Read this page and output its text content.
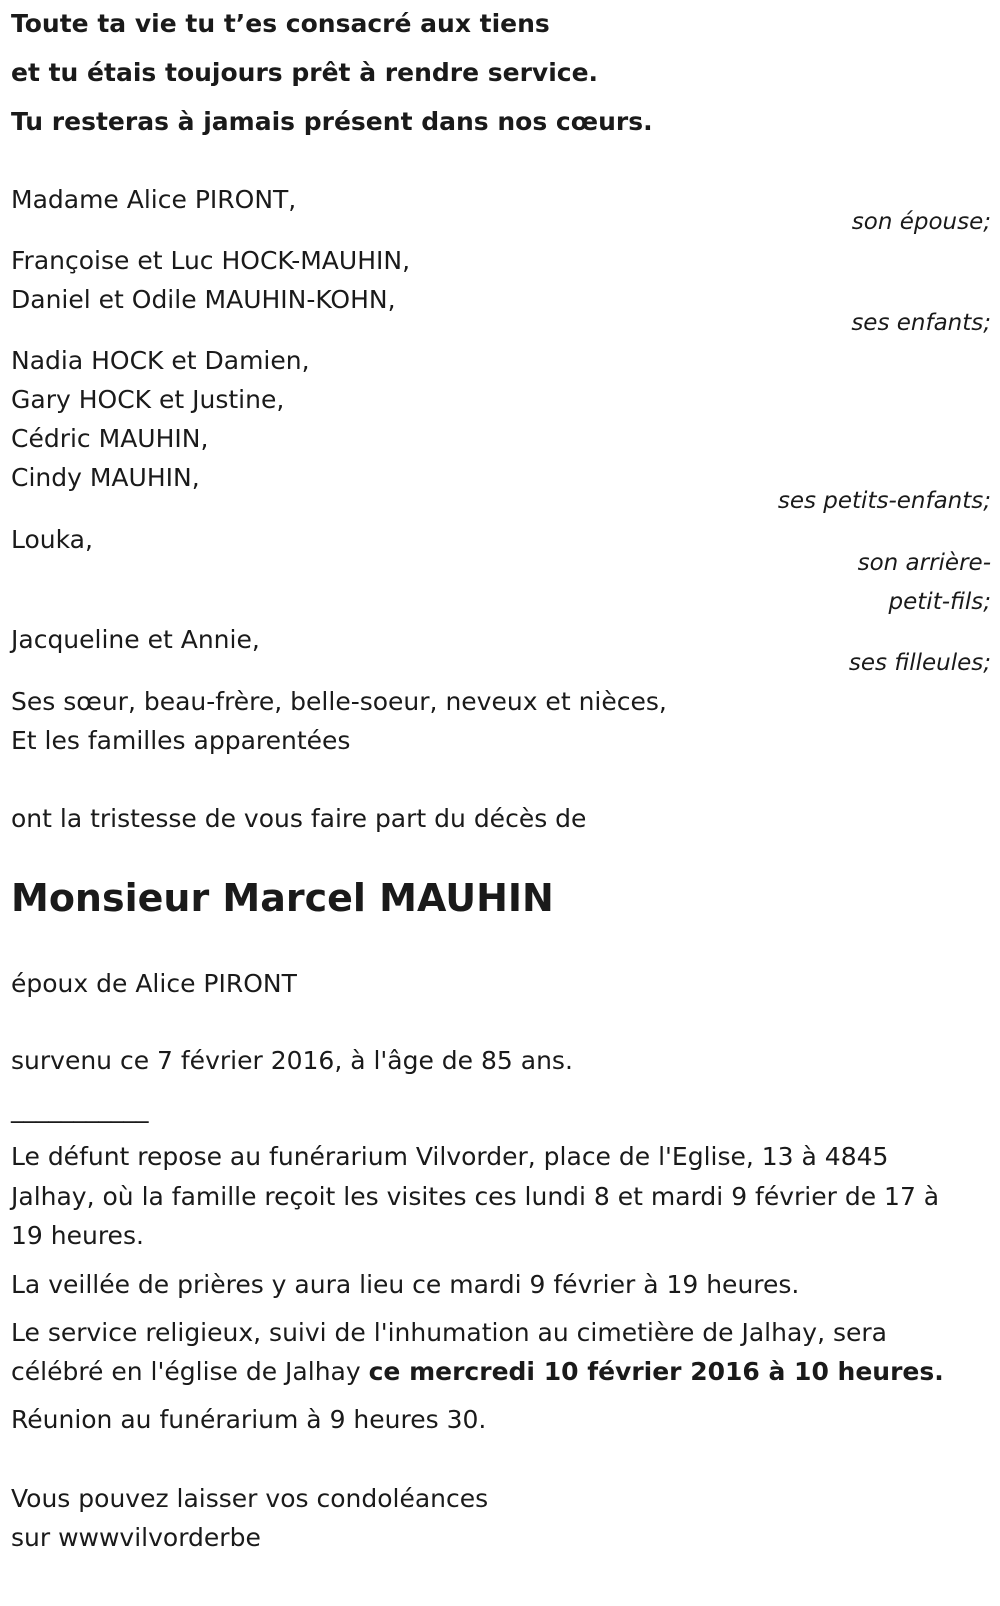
Toute ta vie tu t’es consacré aux tiens
et tu étais toujours prêt à rendre service.
Tu resteras à jamais présent dans nos cœurs.
Madame Alice PIRONT,
son épouse;
Françoise et Luc HOCK-MAUHIN,
Daniel et Odile MAUHIN-KOHN,
ses enfants;
Nadia HOCK et Damien,
Gary HOCK et Justine,
Cédric MAUHIN,
Cindy MAUHIN,
ses petits-enfants;
Louka,
son arrière-
petit-fils;
Jacqueline et Annie,
ses filleules;
Ses sœur, beau-frère, belle-soeur, neveux et nièces,
Et les familles apparentées
ont la tristesse de vous faire part du décès de
Monsieur Marcel MAUHIN
époux de Alice PIRONT
survenu ce 7 février 2016, à l'âge de 85 ans.
___________
Le défunt repose au funérarium Vilvorder, place de l'Eglise, 13 à 4845
Jalhay, où la famille reçoit les visites ces lundi 8 et mardi 9 février de 17 à
19 heures.
La veillée de prières y aura lieu ce mardi 9 février à 19 heures.
Le service religieux, suivi de l'inhumation au cimetière de Jalhay, sera
célébré en l'église de Jalhay ce mercredi 10 février 2016 à 10 heures.
Réunion au funérarium à 9 heures 30.
Vous pouvez laisser vos condoléances
sur wwwvilvorderbe
